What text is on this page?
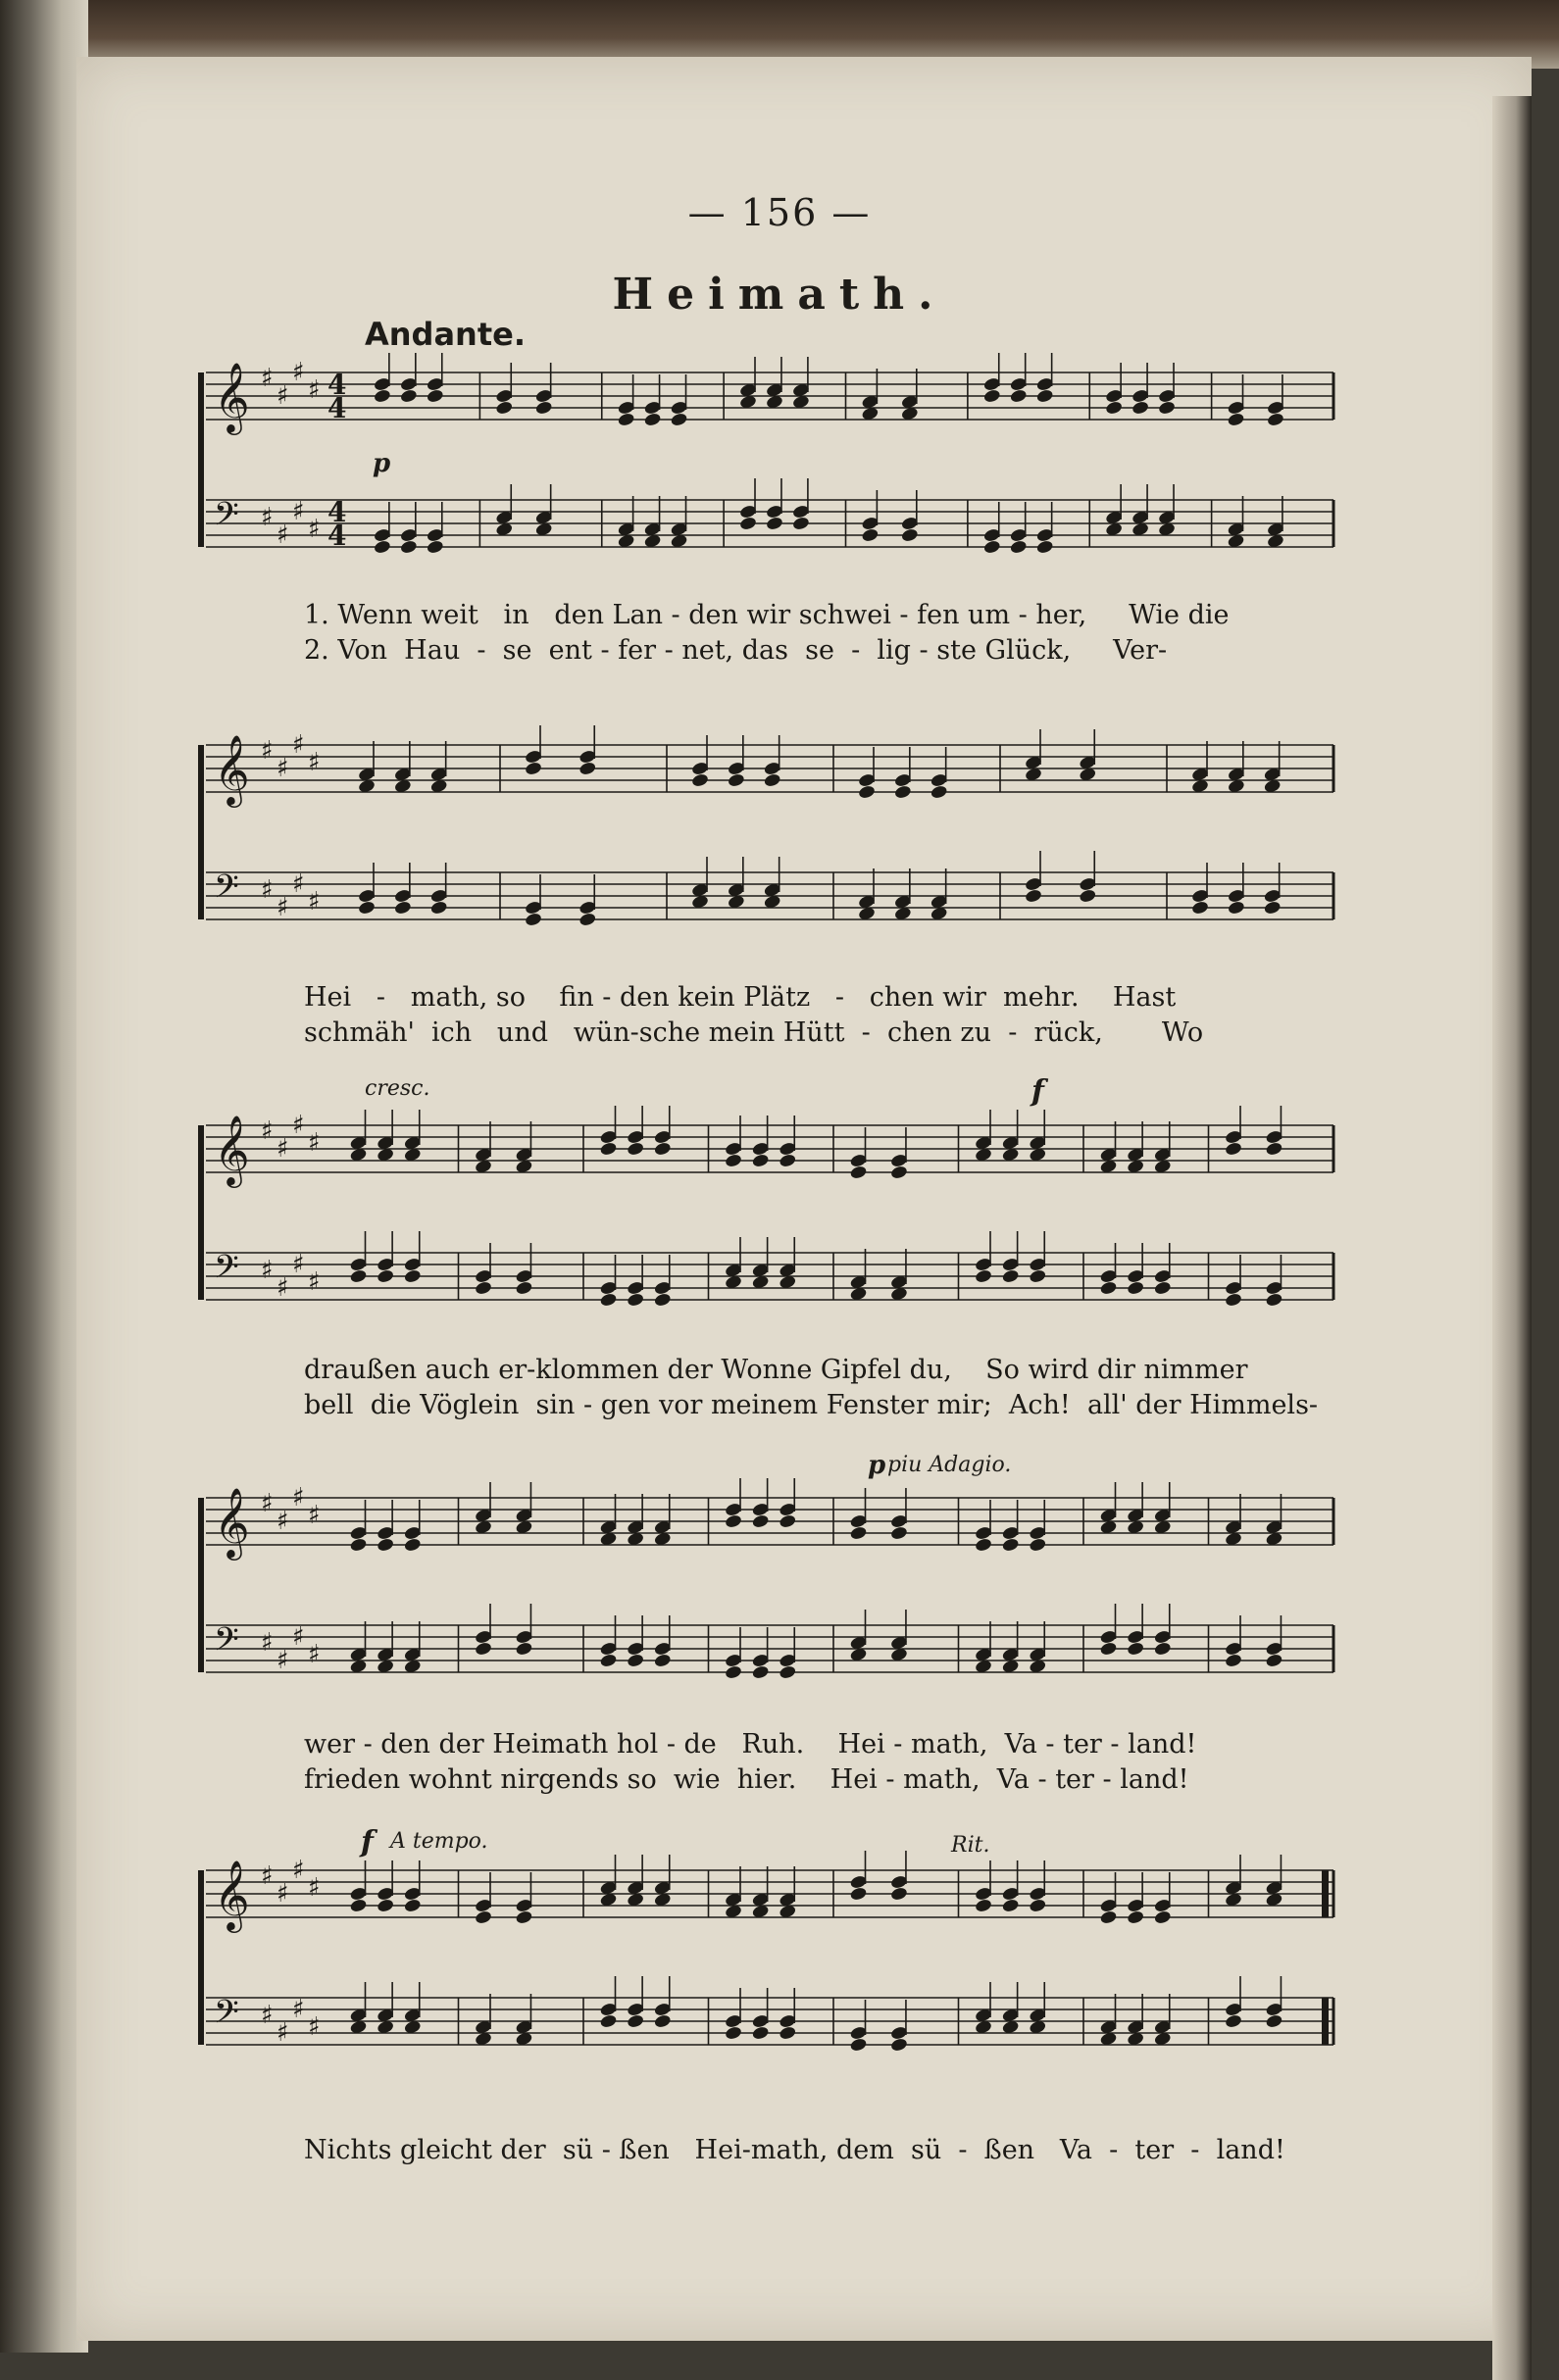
— 156 —
Heimath.
Andante.
p
𝄞 ♯
♯
♯
♯ 4
4
𝄢 ♯
♯
♯
♯
4
4
1. Wenn weit   in   den Lan - den wir schwei - fen um - her,     Wie die
2. Von  Hau  -  se  ent - fer - net, das  se  -  lig - ste Glück,     Ver-
𝄞 ♯
♯
♯
♯
𝄢 ♯
♯
♯
♯
Hei   -   math, so    fin - den kein Plätz   -   chen wir  mehr.    Hast
schmäh'  ich   und   wün-sche mein Hütt  -  chen zu  -  rück,       Wo
cresc.	f
𝄞 ♯
♯
♯
♯
𝄢 ♯
♯
♯
♯
draußen auch er-klommen der Wonne Gipfel du,    So wird dir nimmer
bell  die Vöglein  sin - gen vor meinem Fenster mir;  Ach!  all' der Himmels-
p piu Adagio.
𝄞 ♯
♯
♯
♯
𝄢 ♯
♯
♯
♯
wer - den der Heimath hol - de   Ruh.    Hei - math,  Va - ter - land!
frieden wohnt nirgends so  wie  hier.    Hei - math,  Va - ter - land!
f A tempo.	Rit.
𝄞 ♯
♯
♯
♯
𝄢 ♯
♯
♯
♯
Nichts gleicht der  sü - ßen   Hei-math, dem  sü  -  ßen   Va  -  ter  -  land!
